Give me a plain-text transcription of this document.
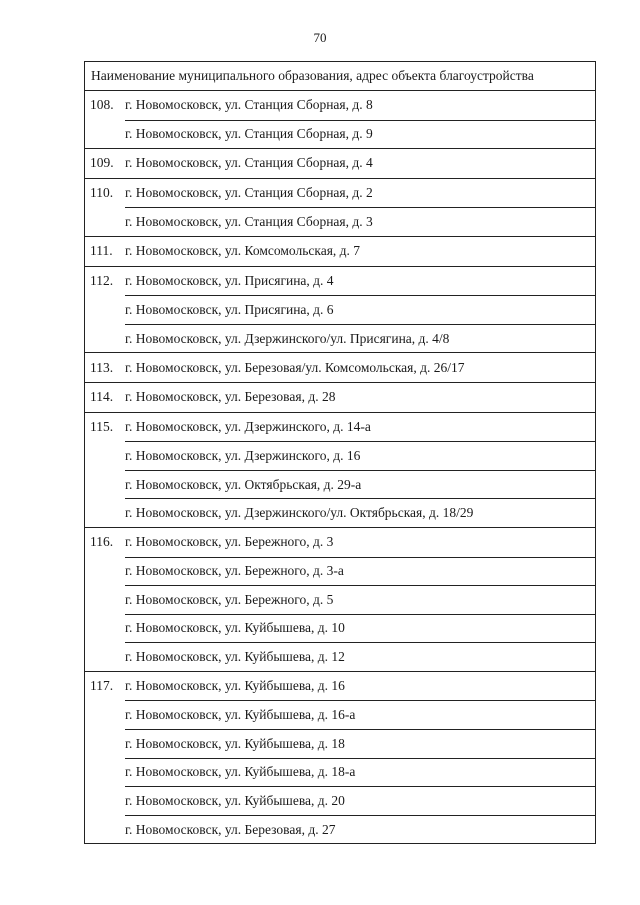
70
Наименование муниципального образования, адрес объекта благоустройства
108. г. Новомосковск, ул. Станция Сборная, д. 8
г. Новомосковск, ул. Станция Сборная, д. 9
109. г. Новомосковск, ул. Станция Сборная, д. 4
110. г. Новомосковск, ул. Станция Сборная, д. 2
г. Новомосковск, ул. Станция Сборная, д. 3
111. г. Новомосковск, ул. Комсомольская, д. 7
112. г. Новомосковск, ул. Присягина, д. 4
г. Новомосковск, ул. Присягина, д. 6
г. Новомосковск, ул. Дзержинского/ул. Присягина, д. 4/8
113. г. Новомосковск, ул. Березовая/ул. Комсомольская, д. 26/17
114. г. Новомосковск, ул. Березовая, д. 28
115. г. Новомосковск, ул. Дзержинского, д. 14-а
г. Новомосковск, ул. Дзержинского, д. 16
г. Новомосковск, ул. Октябрьская, д. 29-а
г. Новомосковск, ул. Дзержинского/ул. Октябрьская, д. 18/29
116. г. Новомосковск, ул. Бережного, д. 3
г. Новомосковск, ул. Бережного, д. 3-а
г. Новомосковск, ул. Бережного, д. 5
г. Новомосковск, ул. Куйбышева, д. 10
г. Новомосковск, ул. Куйбышева, д. 12
117. г. Новомосковск, ул. Куйбышева, д. 16
г. Новомосковск, ул. Куйбышева, д. 16-а
г. Новомосковск, ул. Куйбышева, д. 18
г. Новомосковск, ул. Куйбышева, д. 18-а
г. Новомосковск, ул. Куйбышева, д. 20
г. Новомосковск, ул. Березовая, д. 27
